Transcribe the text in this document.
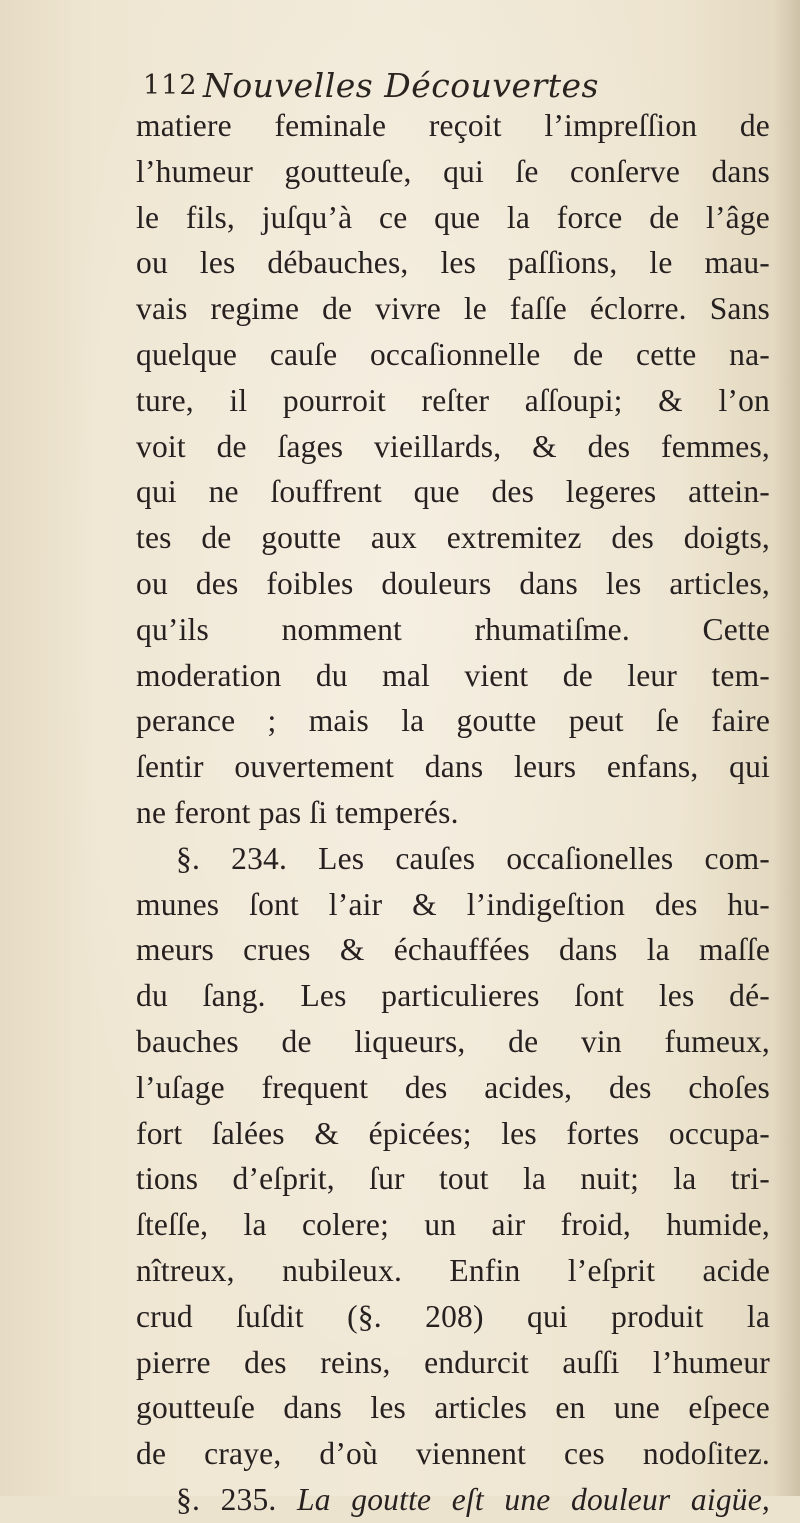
112 Nouvelles Découvertes
matiere feminale reçoit l’impreſſion de
l’humeur goutteuſe, qui ſe conſerve dans
le fils, juſqu’à ce que la force de l’âge
ou les débauches, les paſſions, le mau-
vais regime de vivre le faſſe éclorre. Sans
quelque cauſe occaſionnelle de cette na-
ture, il pourroit reſter aſſoupi; & l’on
voit de ſages vieillards, & des femmes,
qui ne ſouffrent que des legeres attein-
tes de goutte aux extremitez des doigts,
ou des foibles douleurs dans les articles,
qu’ils nomment rhumatiſme. Cette
moderation du mal vient de leur tem-
perance ; mais la goutte peut ſe faire
ſentir ouvertement dans leurs enfans, qui
ne feront pas ſi temperés.
§. 234. Les cauſes occaſionelles com-
munes ſont l’air & l’indigeſtion des hu-
meurs crues & échauffées dans la maſſe
du ſang. Les particulieres ſont les dé-
bauches de liqueurs, de vin fumeux,
l’uſage frequent des acides, des choſes
fort ſalées & épicées; les fortes occupa-
tions d’eſprit, ſur tout la nuit; la tri-
ſteſſe, la colere; un air froid, humide,
nîtreux, nubileux. Enfin l’eſprit acide
crud ſuſdit (§. 208) qui produit la
pierre des reins, endurcit auſſi l’humeur
goutteuſe dans les articles en une eſpece
de craye, d’où viennent ces nodoſitez.
§. 235. La goutte eſt une douleur aigüe,
